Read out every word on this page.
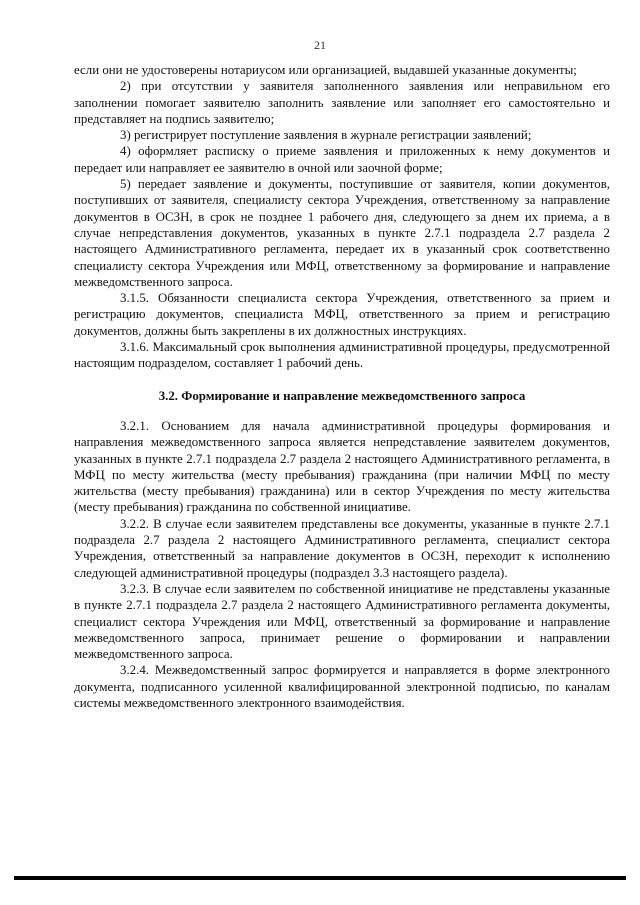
21

если они не удостоверены нотариусом или организацией, выдавшей указанные документы;

2) при отсутствии у заявителя заполненного заявления или неправильном его заполнении помогает заявителю заполнить заявление или заполняет его самостоятельно и представляет на подпись заявителю;

3) регистрирует поступление заявления в журнале регистрации заявлений;

4) оформляет расписку о приеме заявления и приложенных к нему документов и передает или направляет ее заявителю в очной или заочной форме;

5) передает заявление и документы, поступившие от заявителя, копии документов, поступивших от заявителя, специалисту сектора Учреждения, ответственному за направление документов в ОСЗН, в срок не позднее 1 рабочего дня, следующего за днем их приема, а в случае непредставления документов, указанных в пункте 2.7.1 подраздела 2.7 раздела 2 настоящего Административного регламента, передает их в указанный срок соответственно специалисту сектора Учреждения или МФЦ, ответственному за формирование и направление межведомственного запроса.

3.1.5. Обязанности специалиста сектора Учреждения, ответственного за прием и регистрацию документов, специалиста МФЦ, ответственного за прием и регистрацию документов, должны быть закреплены в их должностных инструкциях.

3.1.6. Максимальный срок выполнения административной процедуры, предусмотренной настоящим подразделом, составляет 1 рабочий день.

3.2. Формирование и направление межведомственного запроса

3.2.1. Основанием для начала административной процедуры формирования и направления межведомственного запроса является непредставление заявителем документов, указанных в пункте 2.7.1 подраздела 2.7 раздела 2 настоящего Административного регламента, в МФЦ по месту жительства (месту пребывания) гражданина (при наличии МФЦ по месту жительства (месту пребывания) гражданина) или в сектор Учреждения по месту жительства (месту пребывания) гражданина по собственной инициативе.

3.2.2. В случае если заявителем представлены все документы, указанные в пункте 2.7.1 подраздела 2.7 раздела 2 настоящего Административного регламента, специалист сектора Учреждения, ответственный за направление документов в ОСЗН, переходит к исполнению следующей административной процедуры (подраздел 3.3 настоящего раздела).

3.2.3. В случае если заявителем по собственной инициативе не представлены указанные в пункте 2.7.1 подраздела 2.7 раздела 2 настоящего Административного регламента документы, специалист сектора Учреждения или МФЦ, ответственный за формирование и направление межведомственного запроса, принимает решение о формировании и направлении межведомственного запроса.

3.2.4. Межведомственный запрос формируется и направляется в форме электронного документа, подписанного усиленной квалифицированной электронной подписью, по каналам системы межведомственного электронного взаимодействия.
